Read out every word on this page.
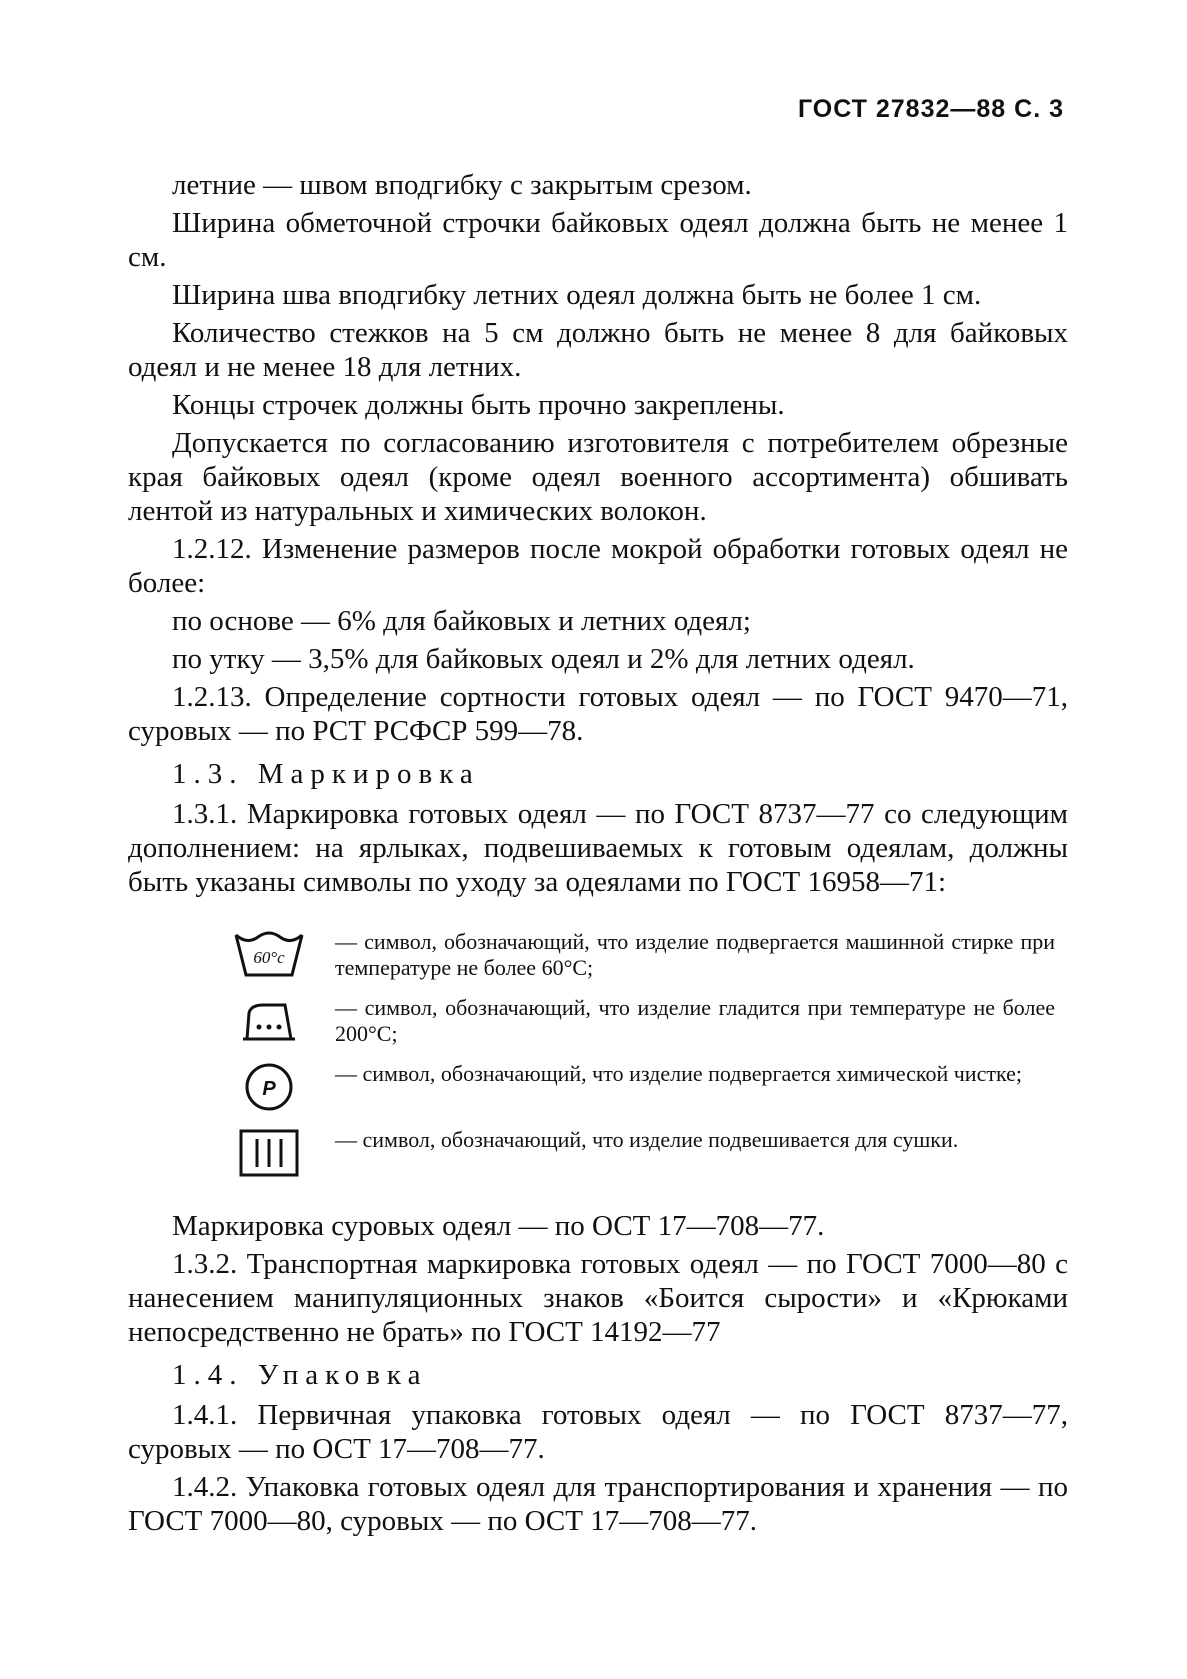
ГОСТ 27832—88 С. 3

летние — швом вподгибку с закрытым срезом.

Ширина обметочной строчки байковых одеял должна быть не менее 1 см.

Ширина шва вподгибку летних одеял должна быть не более 1 см.

Количество стежков на 5 см должно быть не менее 8 для байковых одеял и не менее 18 для летних.

Концы строчек должны быть прочно закреплены.

Допускается по согласованию изготовителя с потребителем обрезные края байковых одеял (кроме одеял военного ассортимента) обшивать лентой из натуральных и химических волокон.

1.2.12. Изменение размеров после мокрой обработки готовых одеял не более:

по основе — 6% для байковых и летних одеял;

по утку — 3,5% для байковых одеял и 2% для летних одеял.

1.2.13. Определение сортности готовых одеял — по ГОСТ 9470—71, суровых — по РСТ РСФСР 599—78.

1.3. Маркировка

1.3.1. Маркировка готовых одеял — по ГОСТ 8737—77 со следующим дополнением: на ярлыках, подвешиваемых к готовым одеялам, должны быть указаны символы по уходу за одеялами по ГОСТ 16958—71:

60°c
— символ, обозначающий, что изделие подвергается машинной стирке при температуре не более 60°С;
— символ, обозначающий, что изделие гладится при температуре не более 200°С;
P
— символ, обозначающий, что изделие подвергается химической чистке;
— символ, обозначающий, что изделие подвешивается для сушки.

Маркировка суровых одеял — по ОСТ 17—708—77.

1.3.2. Транспортная маркировка готовых одеял — по ГОСТ 7000—80 с нанесением манипуляционных знаков «Боится сырости» и «Крюками непосредственно не брать» по ГОСТ 14192—77

1.4. Упаковка

1.4.1. Первичная упаковка готовых одеял — по ГОСТ 8737—77, суровых — по ОСТ 17—708—77.

1.4.2. Упаковка готовых одеял для транспортирования и хранения — по ГОСТ 7000—80, суровых — по ОСТ 17—708—77.
